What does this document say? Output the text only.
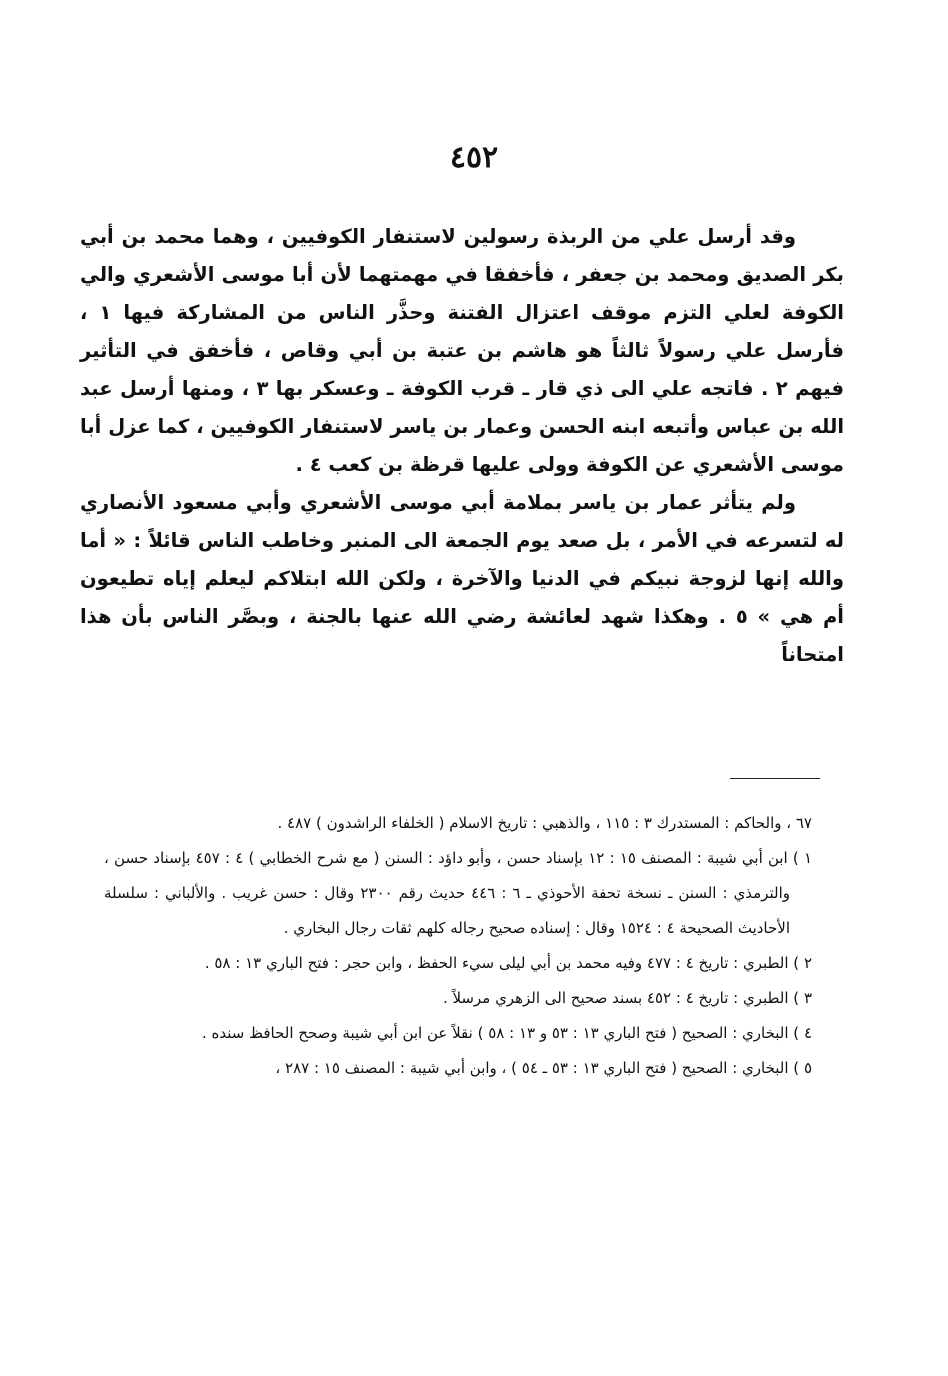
٤٥٢

وقد أرسل علي من الربذة رسولين لاستنفار الكوفيين ، وهما محمد بن أبي بكر الصديق ومحمد بن جعفر ، فأخفقا في مهمتهما لأن أبا موسى الأشعري والي الكوفة لعلي التزم موقف اعتزال الفتنة وحذَّر الناس من المشاركة فيها ١ ، فأرسل علي رسولاً ثالثاً هو هاشم بن عتبة بن أبي وقاص ، فأخفق في التأثير فيهم ٢ . فاتجه علي الى ذي قار ـ قرب الكوفة ـ وعسكر بها ٣ ، ومنها أرسل عبد الله بن عباس وأتبعه ابنه الحسن وعمار بن ياسر لاستنفار الكوفيين ، كما عزل أبا موسى الأشعري عن الكوفة وولى عليها قرظة بن كعب ٤ .

ولم يتأثر عمار بن ياسر بملامة أبي موسى الأشعري وأبي مسعود الأنصاري له لتسرعه في الأمر ، بل صعد يوم الجمعة الى المنبر وخاطب الناس قائلاً : « أما والله إنها لزوجة نبيكم في الدنيا والآخرة ، ولكن الله ابتلاكم ليعلم إياه تطيعون أم هي » ٥ . وهكذا شهد لعائشة رضي الله عنها بالجنة ، وبصَّر الناس بأن هذا امتحاناً

٦٧ ، والحاكم : المستدرك ٣ : ١١٥ ، والذهبي : تاريخ الاسلام ( الخلفاء الراشدون ) ٤٨٧ .

١ ) ابن أبي شيبة : المصنف ١٥ : ١٢ بإسناد حسن ، وأبو داؤد : السنن ( مع شرح الخطابي ) ٤ : ٤٥٧ بإسناد حسن ، والترمذي : السنن ـ نسخة تحفة الأحوذي ـ ٦ : ٤٤٦ حديث رقم ٢٣٠٠ وقال : حسن غريب . والألباني : سلسلة الأحاديث الصحيحة ٤ : ١٥٢٤ وقال : إسناده صحيح رجاله كلهم ثقات رجال البخاري .

٢ ) الطبري : تاريخ ٤ : ٤٧٧ وفيه محمد بن أبي ليلى سيء الحفظ ، وابن حجر : فتح الباري ١٣ : ٥٨ .

٣ ) الطبري : تاريخ ٤ : ٤٥٢ بسند صحيح الى الزهري مرسلاً .

٤ ) البخاري : الصحيح ( فتح الباري ١٣ : ٥٣ و ١٣ : ٥٨ ) نقلاً عن ابن أبي شيبة وصحح الحافظ سنده .

٥ ) البخاري : الصحيح ( فتح الباري ١٣ : ٥٣ ـ ٥٤ ) ، وابن أبي شيبة : المصنف ١٥ : ٢٨٧ ،
